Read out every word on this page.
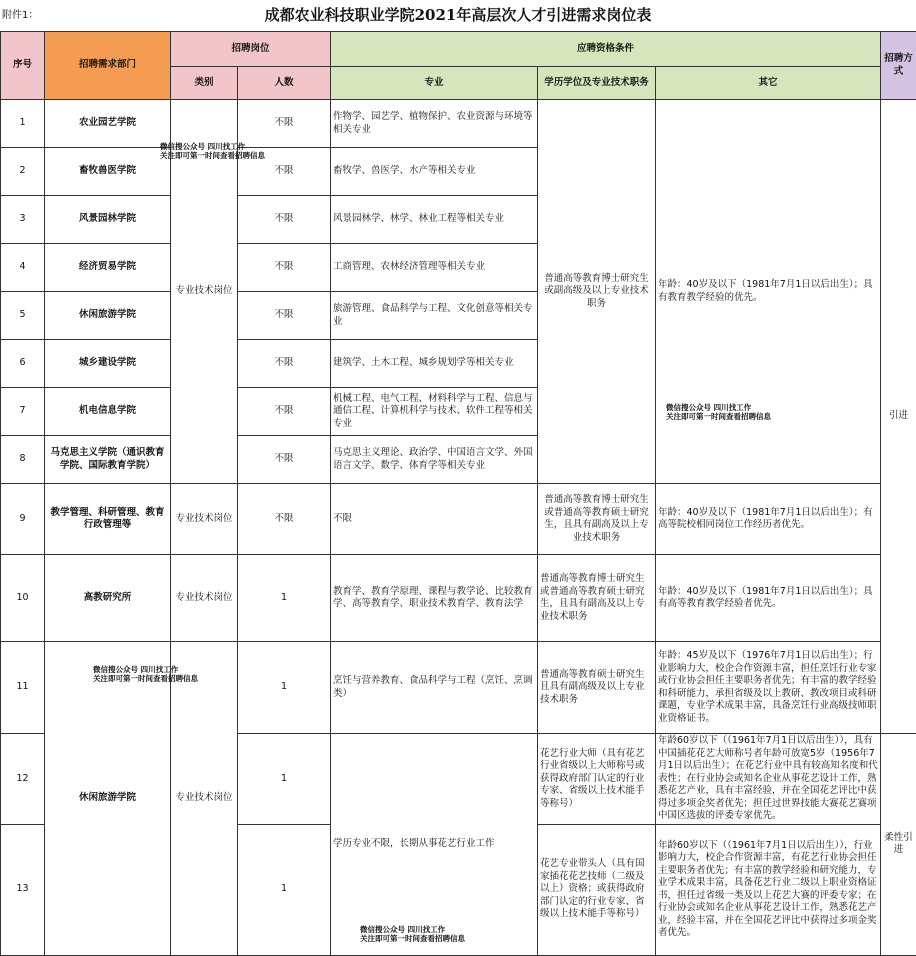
附件1：	成都农业科技职业学院2021年高层次人才引进需求岗位表
序号	招聘需求部门	招聘岗位		应聘资格条件			招聘方式
		类别	人数	专业	学历学位及专业技术职务	其它	
1	农业园艺学院	专业技术岗位	不限	作物学、园艺学、植物保护、农业资源与环境等相关专业	普通高等教育博士研究生或副高级及以上专业技术职务	年龄：40岁及以下（1981年7月1日以后出生）；具有教育教学经验的优先。	引进
2	畜牧兽医学院		不限	畜牧学、兽医学、水产等相关专业			
3	风景园林学院		不限	风景园林学、林学、林业工程等相关专业			
4	经济贸易学院		不限	工商管理、农林经济管理等相关专业			
5	休闲旅游学院		不限	旅游管理、食品科学与工程、文化创意等相关专业			
6	城乡建设学院		不限	建筑学、土木工程、城乡规划学等相关专业			
7	机电信息学院		不限	机械工程、电气工程、材料科学与工程、信息与通信工程、计算机科学与技术、软件工程等相关专业			
8	马克思主义学院（通识教育学院、国际教育学院）		不限	马克思主义理论、政治学、中国语言文学、外国语言文学、数学、体育学等相关专业			
9	教学管理、科研管理、教育行政管理等	专业技术岗位	不限	不限	普通高等教育博士研究生或普通高等教育硕士研究生，且具有副高及以上专业技术职务	年龄：40岁及以下（1981年7月1日以后出生）；有高等院校相同岗位工作经历者优先。	
10	高教研究所	专业技术岗位	1	教育学、教育学原理、课程与教学论、比较教育学、高等教育学、职业技术教育学、教育法学	普通高等教育博士研究生或普通高等教育硕士研究生，且具有副高及以上专业技术职务	年龄：40岁及以下（1981年7月1日以后出生）；具有高等教育教学经验者优先。	
11	休闲旅游学院	专业技术岗位	1	烹饪与营养教育、食品科学与工程（烹饪、烹调类）	普通高等教育硕士研究生且具有副高级及以上专业技术职务	年龄：45岁及以下（1976年7月1日以后出生）；行业影响力大，校企合作资源丰富，担任烹饪行业专家或行业协会担任主要职务者优先；有丰富的教学经验和科研能力，承担省级及以上教研、教改项目或科研课题，专业学术成果丰富，具备烹饪行业高级技师职业资格证书。	
12			1	学历专业不限，长期从事花艺行业工作	花艺行业大师（具有花艺行业省级以上大师称号或获得政府部门认定的行业专家、省级以上技术能手等称号）	年龄60岁以下（（1961年7月1日以后出生）），具有中国插花花艺大师称号者年龄可放宽5岁（1956年7月1日以后出生）；在花艺行业中具有较高知名度和代表性；在行业协会或知名企业从事花艺设计工作，熟悉花艺产业，具有丰富经验，并在全国花艺评比中获得过多项金奖者优先；担任过世界技能大赛花艺赛项中国区选拔的评委专家优先。	柔性引进
13			1		花艺专业带头人（具有国家插花花艺技师（二级及以上）资格；或获得政府部门认定的行业专家、省级以上技术能手等称号）	年龄60岁以下（（1961年7月1日以后出生）），行业影响力大，校企合作资源丰富，有花艺行业协会担任主要职务者优先；有丰富的教学经验和研究能力，专业学术成果丰富，具备花艺行业二级以上职业资格证书，担任过省级一类及以上花艺大赛的评委专家；在行业协会或知名企业从事花艺设计工作，熟悉花艺产业，经验丰富，并在全国花艺评比中获得过多项金奖者优先。	
微信搜公众号 四川找工作
关注即可第一时间查看招聘信息
微信搜公众号 四川找工作
关注即可第一时间查看招聘信息
微信搜公众号 四川找工作
关注即可第一时间查看招聘信息
微信搜公众号 四川找工作
关注即可第一时间查看招聘信息
